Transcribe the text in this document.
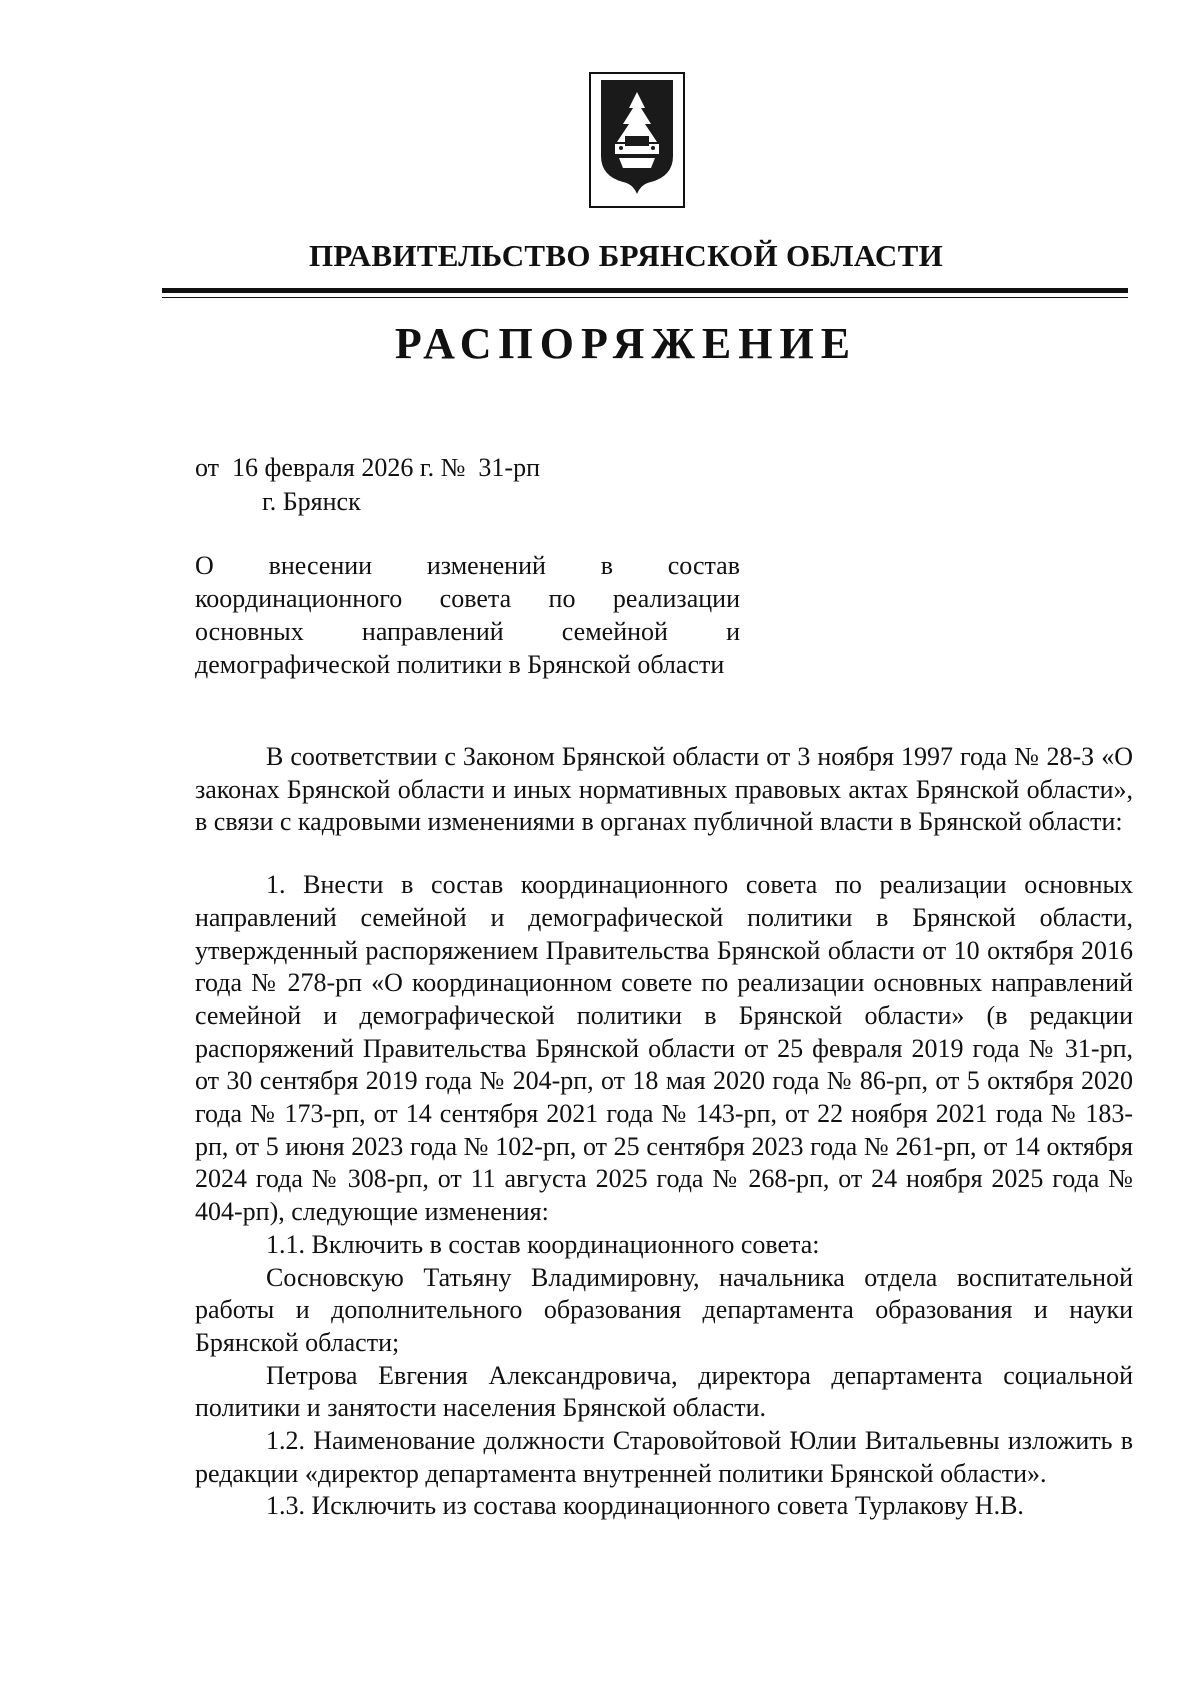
ПРАВИТЕЛЬСТВО БРЯНСКОЙ ОБЛАСТИ
РАСПОРЯЖЕНИЕ
от  16 февраля 2026 г. №  31-рп
г. Брянск
О внесении изменений в состав координационного совета по реализации основных направлений семейной и демографической политики в Брянской области

В соответствии с Законом Брянской области от 3 ноября 1997 года № 28-З «О законах Брянской области и иных нормативных правовых актах Брянской области», в связи с кадровыми изменениями в органах публичной власти в Брянской области:

1. Внести в состав координационного совета по реализации основных направлений семейной и демографической политики в Брянской области, утвержденный распоряжением Правительства Брянской области от 10 октября 2016 года № 278-рп «О координационном совете по реализации основных направлений семейной и демографической политики в Брянской области» (в редакции распоряжений Правительства Брянской области от 25 февраля 2019 года № 31-рп, от 30 сентября 2019 года № 204-рп, от 18 мая 2020 года № 86-рп, от 5 октября 2020 года № 173-рп, от 14 сентября 2021 года № 143-рп, от 22 ноября 2021 года № 183-рп, от 5 июня 2023 года № 102-рп, от 25 сентября 2023 года № 261-рп, от 14 октября 2024 года № 308-рп, от 11 августа 2025 года № 268-рп, от 24 ноября 2025 года № 404-рп), следующие изменения:

1.1. Включить в состав координационного совета:

Сосновскую Татьяну Владимировну, начальника отдела воспитательной работы и дополнительного образования департамента образования и науки Брянской области;

Петрова Евгения Александровича, директора департамента социальной политики и занятости населения Брянской области.

1.2. Наименование должности Старовойтовой Юлии Витальевны изложить в редакции «директор департамента внутренней политики Брянской области».

1.3. Исключить из состава координационного совета Турлакову Н.В.
